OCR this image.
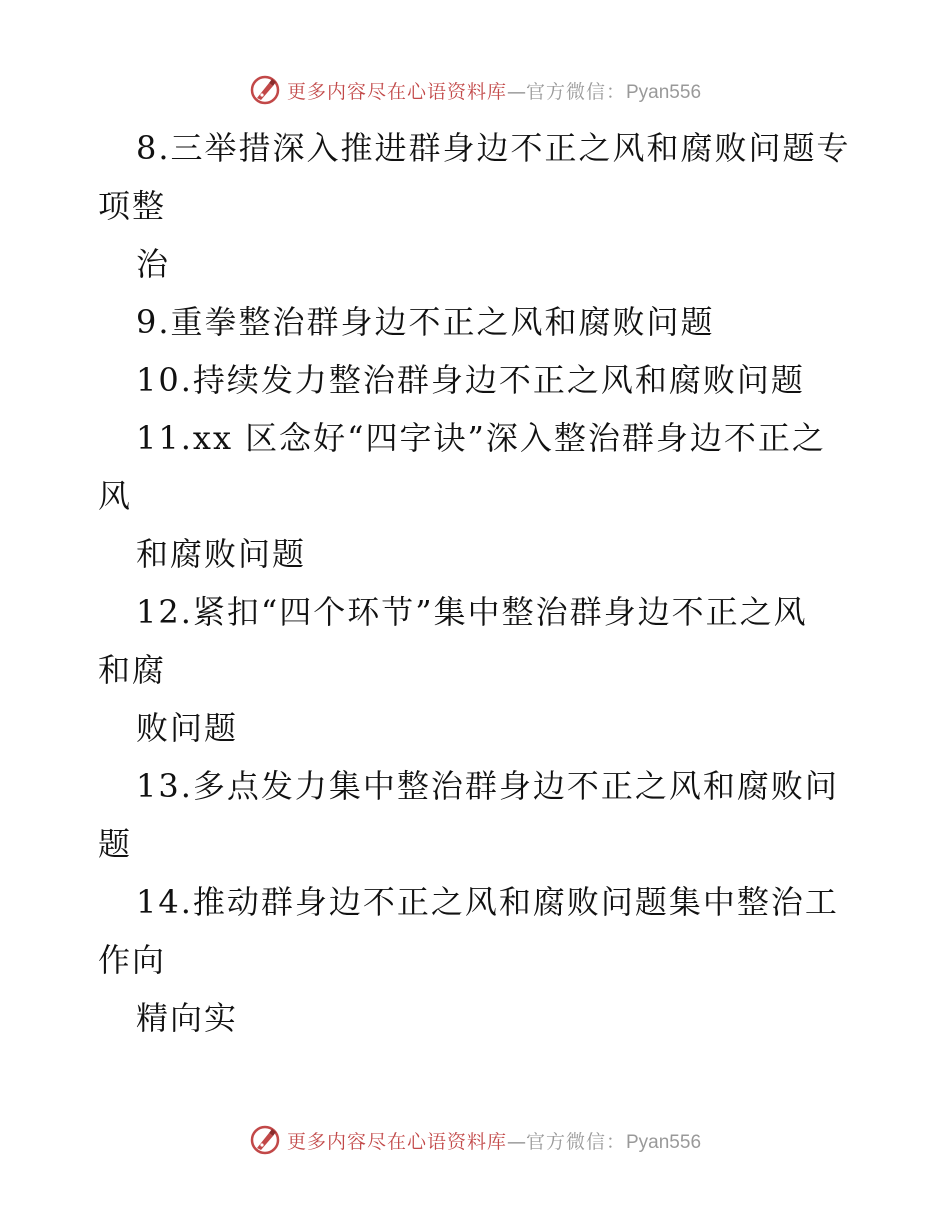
更多内容尽在心语资料库—官方微信：Pyan556
8.三举措深入推进群身边不正之风和腐败问题专
项整
治
9.重拳整治群身边不正之风和腐败问题
10.持续发力整治群身边不正之风和腐败问题
11.xx 区念好“四字诀”深入整治群身边不正之
风
和腐败问题
12.紧扣“四个环节”集中整治群身边不正之风
和腐
败问题
13.多点发力集中整治群身边不正之风和腐败问
题
14.推动群身边不正之风和腐败问题集中整治工
作向
精向实
更多内容尽在心语资料库—官方微信：Pyan556
